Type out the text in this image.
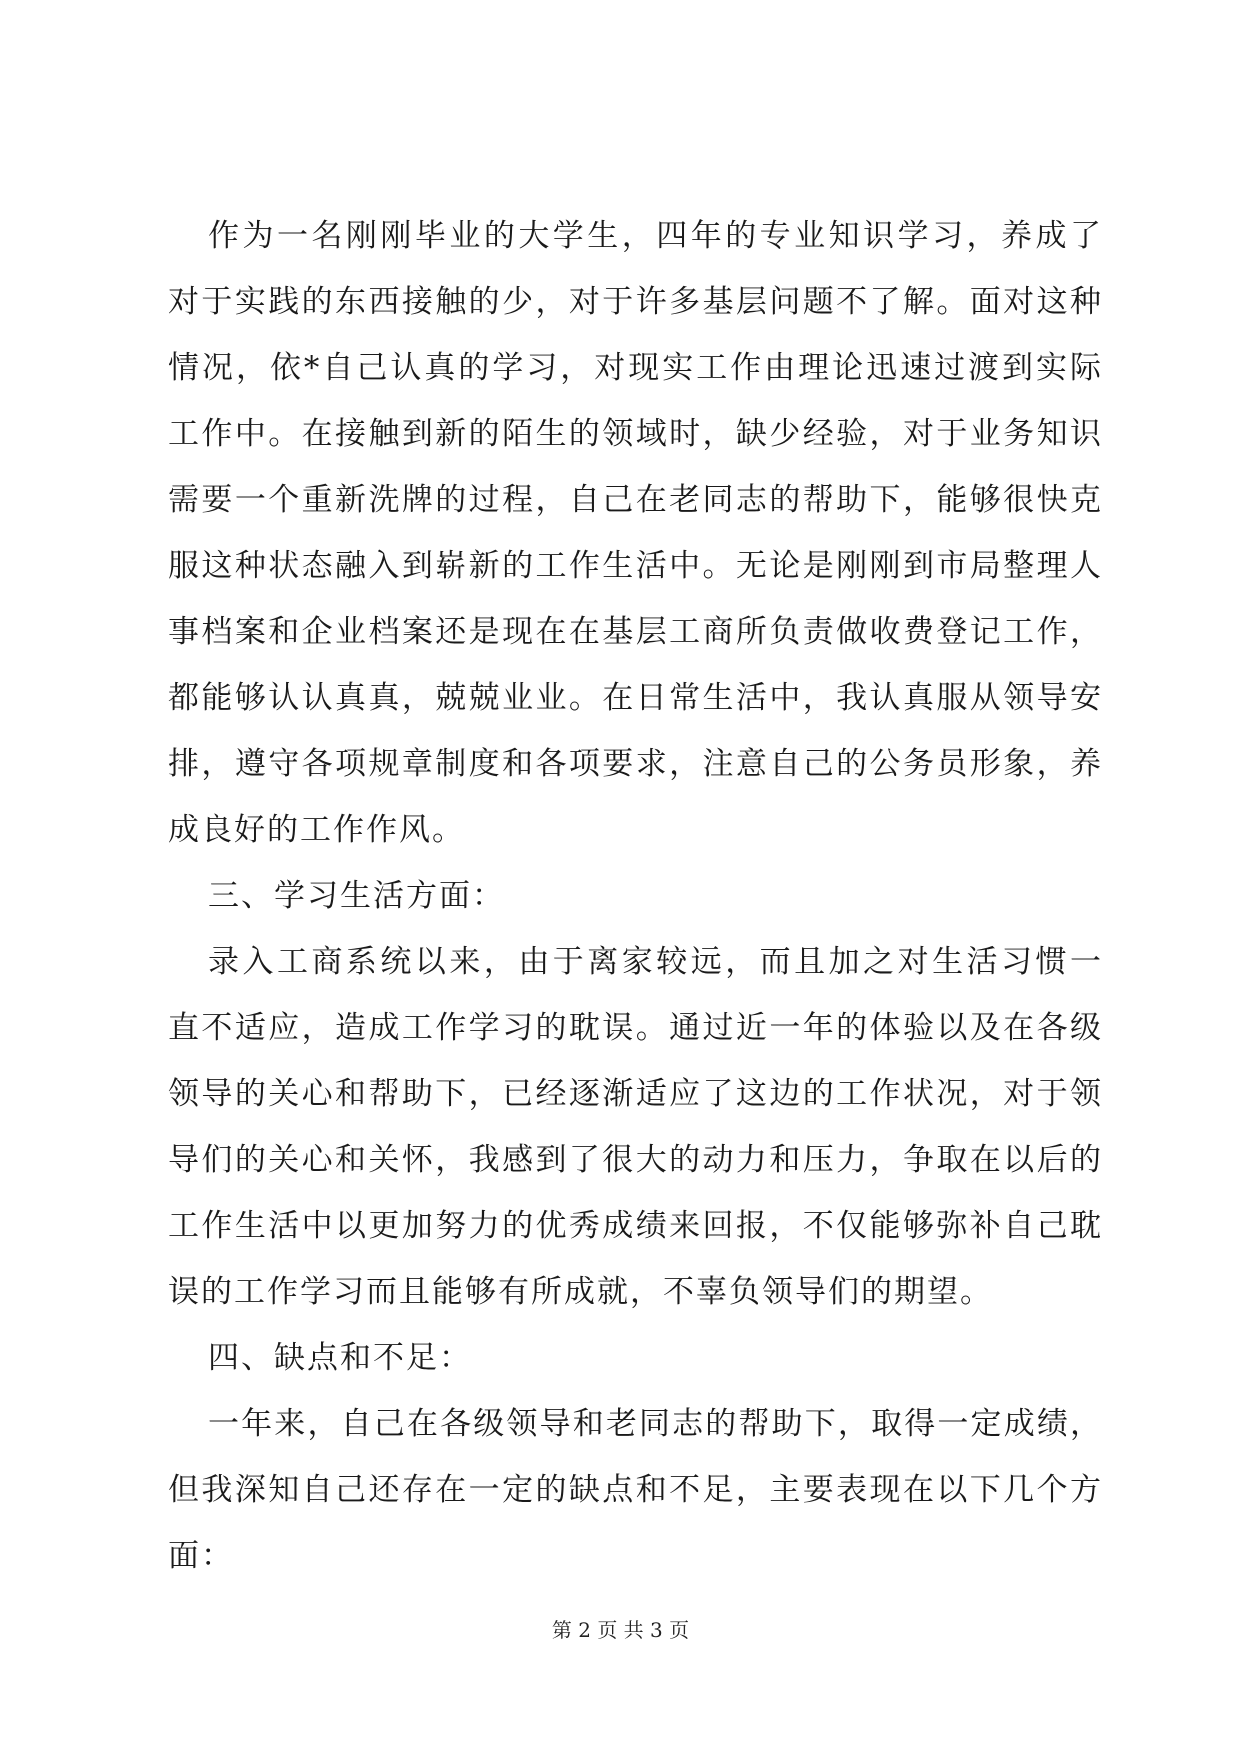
作为一名刚刚毕业的大学生，四年的专业知识学习，养成了
对于实践的东西接触的少，对于许多基层问题不了解。面对这种
情况，依*自己认真的学习，对现实工作由理论迅速过渡到实际
工作中。在接触到新的陌生的领域时，缺少经验，对于业务知识
需要一个重新洗牌的过程，自己在老同志的帮助下，能够很快克
服这种状态融入到崭新的工作生活中。无论是刚刚到市局整理人
事档案和企业档案还是现在在基层工商所负责做收费登记工作，
都能够认认真真，兢兢业业。在日常生活中，我认真服从领导安
排，遵守各项规章制度和各项要求，注意自己的公务员形象，养
成良好的工作作风。
三、学习生活方面：
录入工商系统以来，由于离家较远，而且加之对生活习惯一
直不适应，造成工作学习的耽误。通过近一年的体验以及在各级
领导的关心和帮助下，已经逐渐适应了这边的工作状况，对于领
导们的关心和关怀，我感到了很大的动力和压力，争取在以后的
工作生活中以更加努力的优秀成绩来回报，不仅能够弥补自己耽
误的工作学习而且能够有所成就，不辜负领导们的期望。
四、缺点和不足：
一年来，自己在各级领导和老同志的帮助下，取得一定成绩，
但我深知自己还存在一定的缺点和不足，主要表现在以下几个方
面：
第 2 页 共 3 页
